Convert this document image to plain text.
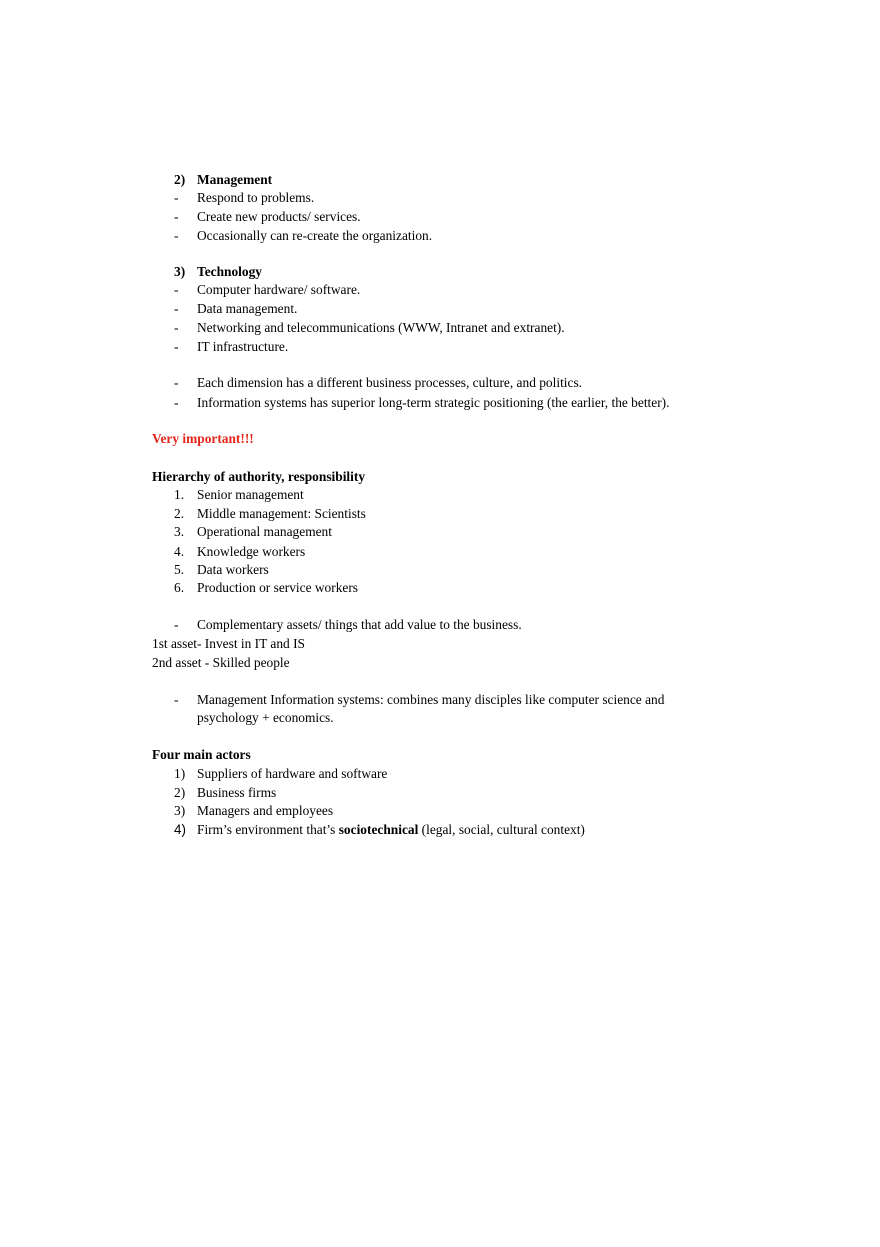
2) Management
- Respond to problems.
- Create new products/ services.
- Occasionally can re-create the organization.
3) Technology
- Computer hardware/ software.
- Data management.
- Networking and telecommunications (WWW, Intranet and extranet).
- IT infrastructure.
- Each dimension has a different business processes, culture, and politics.
- Information systems has superior long-term strategic positioning (the earlier, the better).
Very important!!!
Hierarchy of authority, responsibility
1. Senior management
2. Middle management: Scientists
3. Operational management
4. Knowledge workers
5. Data workers
6. Production or service workers
- Complementary assets/ things that add value to the business.
1st asset- Invest in IT and IS
2nd asset - Skilled people
- Management Information systems: combines many disciples like computer science and
psychology + economics.
Four main actors
1) Suppliers of hardware and software
2) Business firms
3) Managers and employees
4) Firm’s environment that’s sociotechnical (legal, social, cultural context)
